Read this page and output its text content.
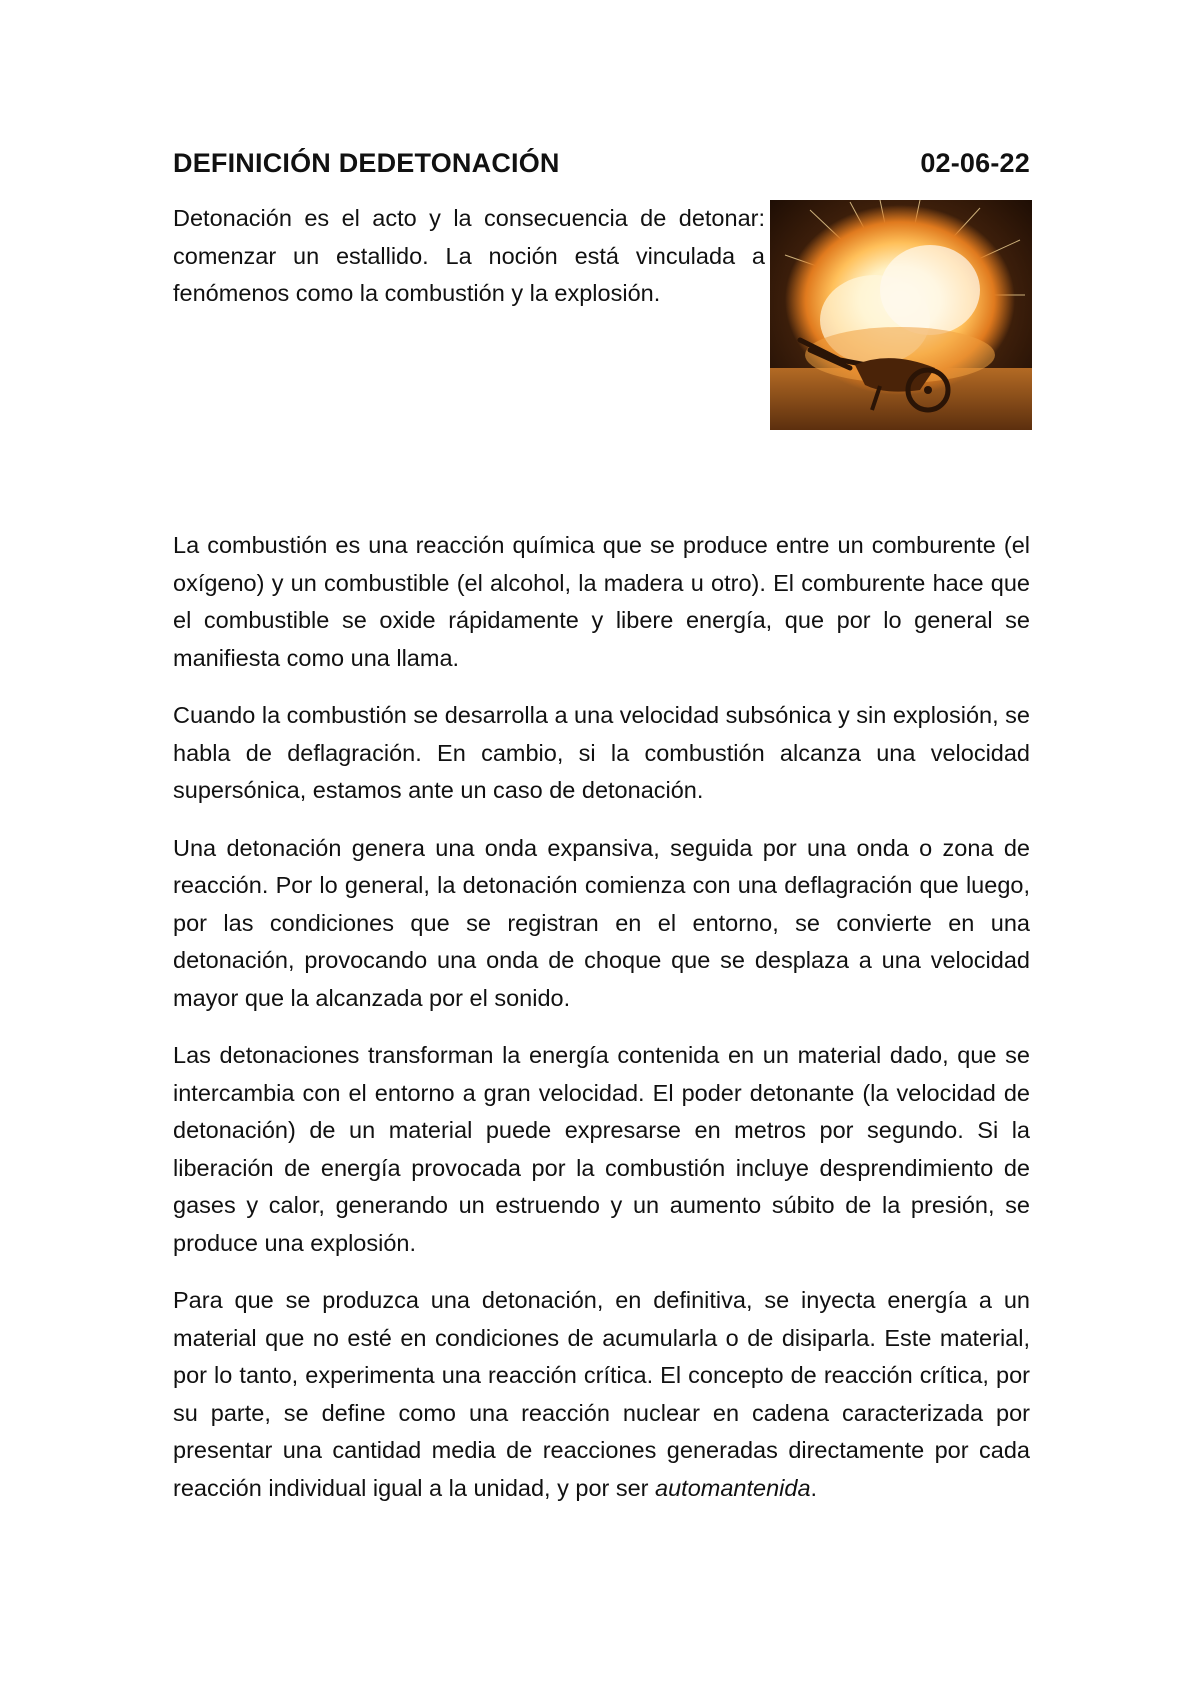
DEFINICIÓN DEDETONACIÓN	02-06-22

Detonación es el acto y la consecuencia de detonar: comenzar un estallido. La noción está vinculada a fenómenos como la combustión y la explosión.

La combustión es una reacción química que se produce entre un comburente (el oxígeno) y un combustible (el alcohol, la madera u otro). El comburente hace que el combustible se oxide rápidamente y libere energía, que por lo general se manifiesta como una llama.

Cuando la combustión se desarrolla a una velocidad subsónica y sin explosión, se habla de deflagración. En cambio, si la combustión alcanza una velocidad supersónica, estamos ante un caso de detonación.

Una detonación genera una onda expansiva, seguida por una onda o zona de reacción. Por lo general, la detonación comienza con una deflagración que luego, por las condiciones que se registran en el entorno, se convierte en una detonación, provocando una onda de choque que se desplaza a una velocidad mayor que la alcanzada por el sonido.

Las detonaciones transforman la energía contenida en un material dado, que se intercambia con el entorno a gran velocidad. El poder detonante (la velocidad de detonación) de un material puede expresarse en metros por segundo. Si la liberación de energía provocada por la combustión incluye desprendimiento de gases y calor, generando un estruendo y un aumento súbito de la presión, se produce una explosión.

Para que se produzca una detonación, en definitiva, se inyecta energía a un material que no esté en condiciones de acumularla o de disiparla. Este material, por lo tanto, experimenta una reacción crítica. El concepto de reacción crítica, por su parte, se define como una reacción nuclear en cadena caracterizada por presentar una cantidad media de reacciones generadas directamente por cada reacción individual igual a la unidad, y por ser automantenida.
